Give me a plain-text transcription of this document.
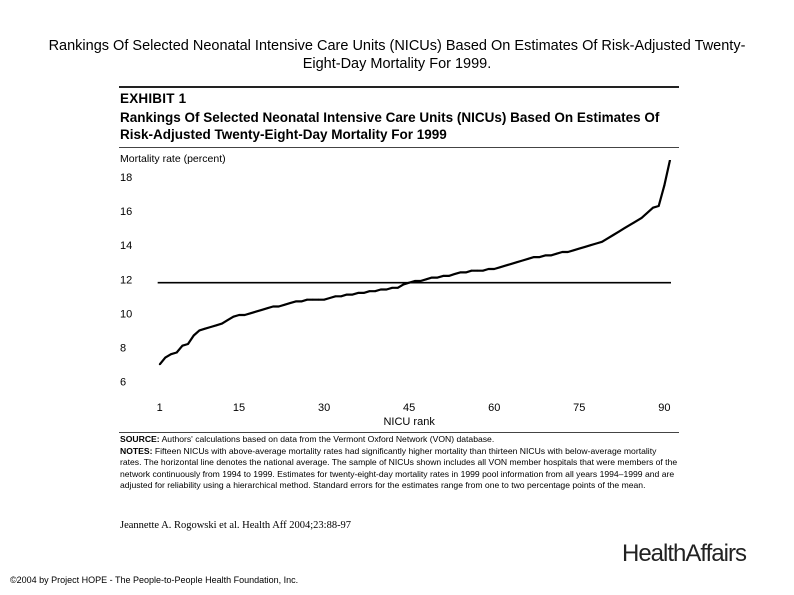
Rankings Of Selected Neonatal Intensive Care Units (NICUs) Based On Estimates Of Risk-Adjusted Twenty-Eight-Day Mortality For 1999.
EXHIBIT 1
Rankings Of Selected Neonatal Intensive Care Units (NICUs) Based On Estimates Of Risk-Adjusted Twenty-Eight-Day Mortality For 1999
Mortality rate (percent)
6
8
10
12
14
16
18
1	15	30	45	60	75	90
NICU rank
SOURCE: Authors' calculations based on data from the Vermont Oxford Network (VON) database.
NOTES: Fifteen NICUs with above-average mortality rates had significantly higher mortality than thirteen NICUs with below-average mortality rates. The horizontal line denotes the national average. The sample of NICUs shown includes all VON member hospitals that were members of the network continuously from 1994 to 1999. Estimates for twenty-eight-day mortality rates in 1999 pool information from all years 1994–1999 and are adjusted for reliability using a hierarchical method. Standard errors for the estimates range from one to two percentage points of the mean.
Jeannette A. Rogowski et al. Health Aff 2004;23:88-97
HealthAffairs
©2004 by Project HOPE - The People-to-People Health Foundation, Inc.
